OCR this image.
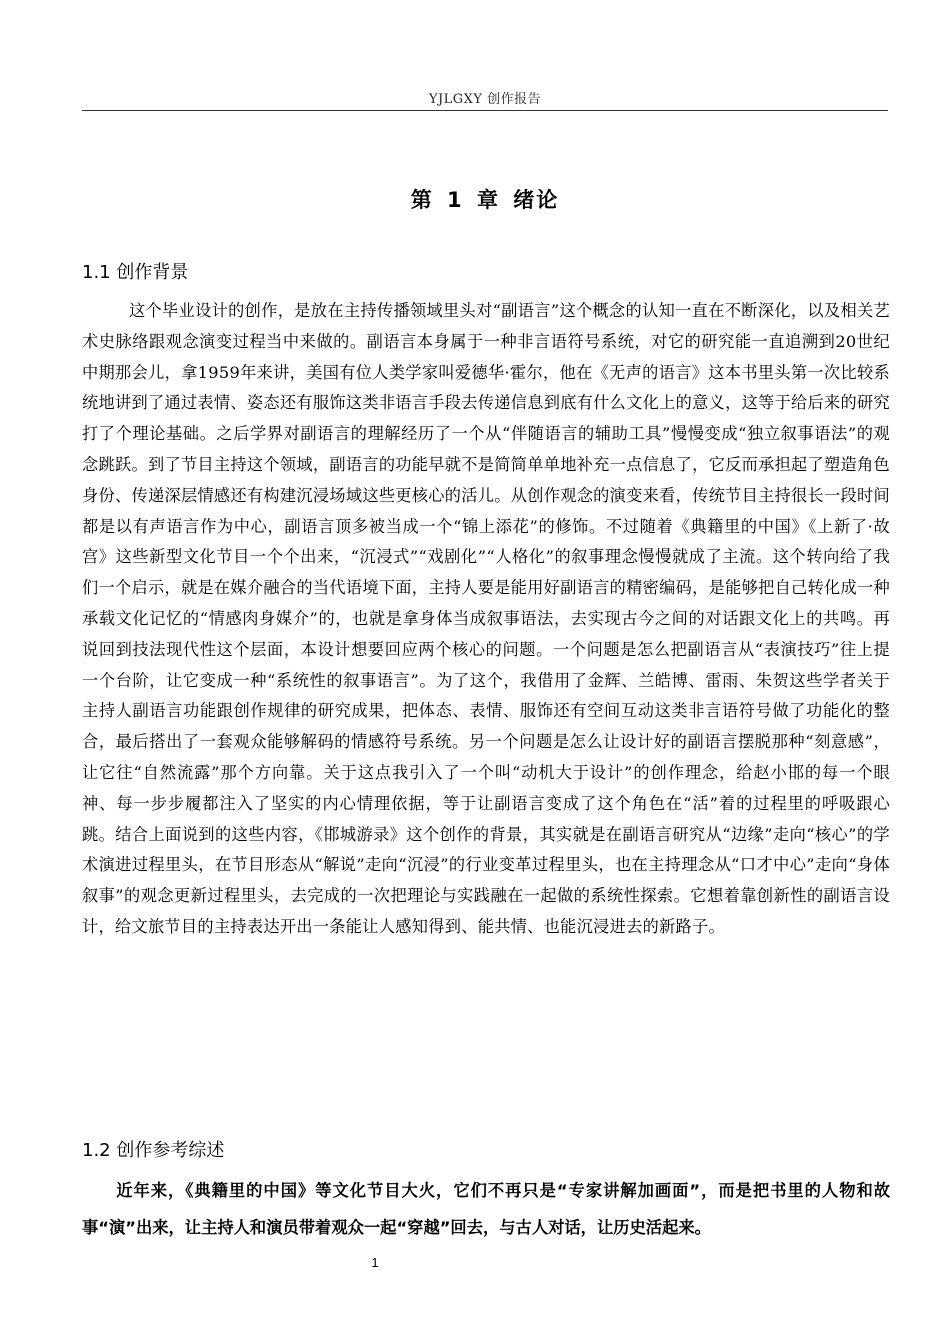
YJLGXY 创作报告
第 1 章 绪论
1.1 创作背景
这个毕业设计的创作，是放在主持传播领域里头对“副语言”这个概念的认知一直在不断深化，以及相关艺术史脉络跟观念演变过程当中来做的。副语言本身属于一种非言语符号系统，对它的研究能一直追溯到20世纪中期那会儿，拿1959年来讲，美国有位人类学家叫爱德华·霍尔，他在《无声的语言》这本书里头第一次比较系统地讲到了通过表情、姿态还有服饰这类非语言手段去传递信息到底有什么文化上的意义，这等于给后来的研究打了个理论基础。之后学界对副语言的理解经历了一个从“伴随语言的辅助工具”慢慢变成“独立叙事语法”的观念跳跃。到了节目主持这个领域，副语言的功能早就不是简简单单地补充一点信息了，它反而承担起了塑造角色身份、传递深层情感还有构建沉浸场域这些更核心的活儿。从创作观念的演变来看，传统节目主持很长一段时间都是以有声语言作为中心，副语言顶多被当成一个“锦上添花”的修饰。不过随着《典籍里的中国》《上新了·故宫》这些新型文化节目一个个出来，“沉浸式”“戏剧化”“人格化”的叙事理念慢慢就成了主流。这个转向给了我们一个启示，就是在媒介融合的当代语境下面，主持人要是能用好副语言的精密编码，是能够把自己转化成一种承载文化记忆的“情感肉身媒介”的，也就是拿身体当成叙事语法，去实现古今之间的对话跟文化上的共鸣。再说回到技法现代性这个层面，本设计想要回应两个核心的问题。一个问题是怎么把副语言从“表演技巧”往上提一个台阶，让它变成一种“系统性的叙事语言”。为了这个，我借用了金辉、兰皓博、雷雨、朱贺这些学者关于主持人副语言功能跟创作规律的研究成果，把体态、表情、服饰还有空间互动这类非言语符号做了功能化的整合，最后搭出了一套观众能够解码的情感符号系统。另一个问题是怎么让设计好的副语言摆脱那种“刻意感”，让它往“自然流露”那个方向靠。关于这点我引入了一个叫“动机大于设计”的创作理念，给赵小邯的每一个眼神、每一步步履都注入了坚实的内心情理依据，等于让副语言变成了这个角色在“活”着的过程里的呼吸跟心跳。结合上面说到的这些内容，《邯城游录》这个创作的背景，其实就是在副语言研究从“边缘”走向“核心”的学术演进过程里头，在节目形态从“解说”走向“沉浸”的行业变革过程里头，也在主持理念从“口才中心”走向“身体叙事”的观念更新过程里头，去完成的一次把理论与实践融在一起做的系统性探索。它想着靠创新性的副语言设计，给文旅节目的主持表达开出一条能让人感知得到、能共情、也能沉浸进去的新路子。
1.2 创作参考综述
近年来，《典籍里的中国》等文化节目大火，它们不再只是“专家讲解加画面”，而是把书里的人物和故事“演”出来，让主持人和演员带着观众一起“穿越”回去，与古人对话，让历史活起来。
1
